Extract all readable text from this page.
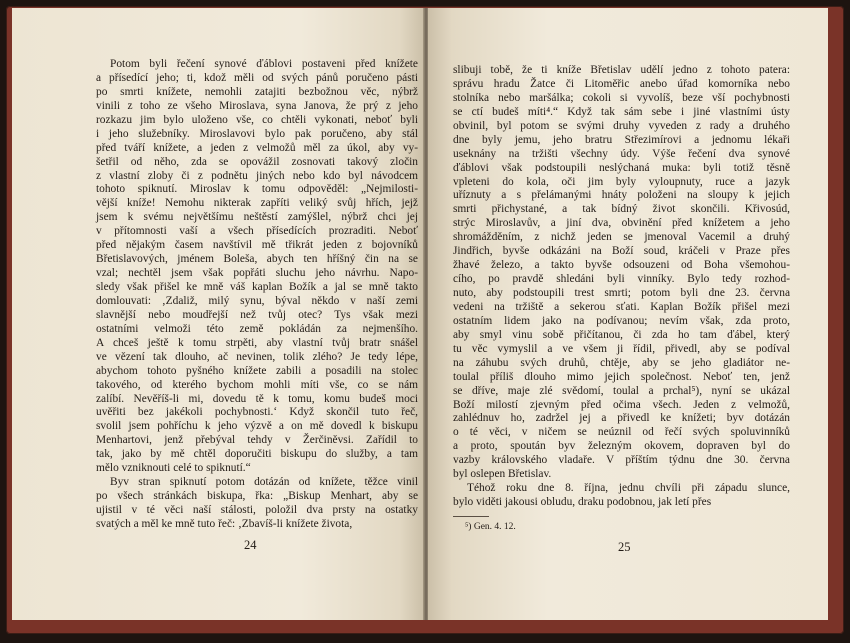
Potom byli řečení synové ďáblovi postaveni před knížete
a přísedící jeho; ti, kdož měli od svých pánů poručeno pásti
po smrti knížete, nemohli zatajiti bezbožnou věc, nýbrž
vinili z toho ze všeho Miroslava, syna Janova, že prý z jeho
rozkazu jim bylo uloženo vše, co chtěli vykonati, neboť byli
i jeho služebníky. Miroslavovi bylo pak poručeno, aby stál
před tváří knížete, a jeden z velmožů měl za úkol, aby vy-
šetřil od něho, zda se opovážil zosnovati takový zločin
z vlastní zloby či z podnětu jiných nebo kdo byl návodcem
tohoto spiknutí. Miroslav k tomu odpověděl: „Nejmilosti-
vější kníže! Nemohu nikterak zapříti veliký svůj hřích, jejž
jsem k svému největšímu neštěstí zamýšlel, nýbrž chci jej
v přítomnosti vaší a všech přísedících prozraditi. Neboť
před nějakým časem navštívil mě třikrát jeden z bojovníků
Břetislavových, jménem Boleša, abych ten hříšný čin na se
vzal; nechtěl jsem však popřáti sluchu jeho návrhu. Napo-
sledy však přišel ke mně váš kaplan Božík a jal se mně takto
domlouvati: ‚Zdaliž, milý synu, býval někdo v naší zemi
slavnější nebo moudřejší než tvůj otec? Tys však mezi
ostatními velmoži této země pokládán za nejmenšího.
A chceš ještě k tomu strpěti, aby vlastní tvůj bratr snášel
ve vězení tak dlouho, ač nevinen, tolik zlého? Je tedy lépe,
abychom tohoto pyšného knížete zabili a posadili na stolec
takového, od kterého bychom mohli míti vše, co se nám
zalíbí. Nevěříš-li mi, dovedu tě k tomu, komu budeš moci
uvěřiti bez jakékoli pochybnosti.‘ Když skončil tuto řeč,
svolil jsem pohříchu k jeho výzvě a on mě dovedl k biskupu
Menhartovi, jenž přebýval tehdy v Žerčiněvsi. Zařídil to
tak, jako by mě chtěl doporučiti biskupu do služby, a tam
mělo vzniknouti celé to spiknutí.“
Byv stran spiknutí potom dotázán od knížete, těžce vinil
po všech stránkách biskupa, řka: „Biskup Menhart, aby se
ujistil v té věci naší stálosti, položil dva prsty na ostatky
svatých a měl ke mně tuto řeč: ‚Zbavíš-li knížete života,
24
slibuji tobě, že ti kníže Břetislav udělí jedno z tohoto patera:
správu hradu Žatce či Litoměřic anebo úřad komorníka nebo
stolníka nebo maršálka; cokoli si vyvolíš, beze vší pochybnosti
se ctí budeš míti⁴.“ Když tak sám sebe i jiné vlastními ústy
obvinil, byl potom se svými druhy vyveden z rady a druhého
dne byly jemu, jeho bratru Střezimírovi a jednomu lékaři
useknány na tržišti všechny údy. Výše řečení dva synové
ďáblovi však podstoupili neslýchaná muka: byli totiž těsně
vpleteni do kola, oči jim byly vyloupnuty, ruce a jazyk
uříznuty a s přelámanými hnáty položeni na sloupy k jejich
smrti přichystané, a tak bídný život skončili. Křivosúd,
strýc Miroslavův, a jiní dva, obvinění před knížetem a jeho
shromážděním, z nichž jeden se jmenoval Vacemil a druhý
Jindřich, byvše odkázáni na Boží soud, kráčeli v Praze přes
žhavé železo, a takto byvše odsouzeni od Boha všemohou-
cího, po pravdě shledáni byli vinníky. Bylo tedy rozhod-
nuto, aby podstoupili trest smrti; potom byli dne 23. června
vedeni na tržiště a sekerou sťati. Kaplan Božík přišel mezi
ostatním lidem jako na podívanou; nevím však, zda proto,
aby smyl vinu sobě přičítanou, či zda ho tam ďábel, který
tu věc vymyslil a ve všem ji řídil, přivedl, aby se podíval
na záhubu svých druhů, chtěje, aby se jeho gladiátor ne-
toulal příliš dlouho mimo jejich společnost. Neboť ten, jenž
se dříve, maje zlé svědomí, toulal a prchal⁵), nyní se ukázal
Boží milostí zjevným před očima všech. Jeden z velmožů,
zahlédnuv ho, zadržel jej a přivedl ke knížeti; byv dotázán
o té věci, v ničem se neúznil od řečí svých spoluvinníků
a proto, spoután byv železným okovem, dopraven byl do
vazby královského vladaře. V příštím týdnu dne 30. června
byl oslepen Břetislav.
Téhož roku dne 8. října, jednu chvíli při západu slunce,
bylo viděti jakousi obludu, draku podobnou, jak letí přes
⁵) Gen. 4. 12.
25
